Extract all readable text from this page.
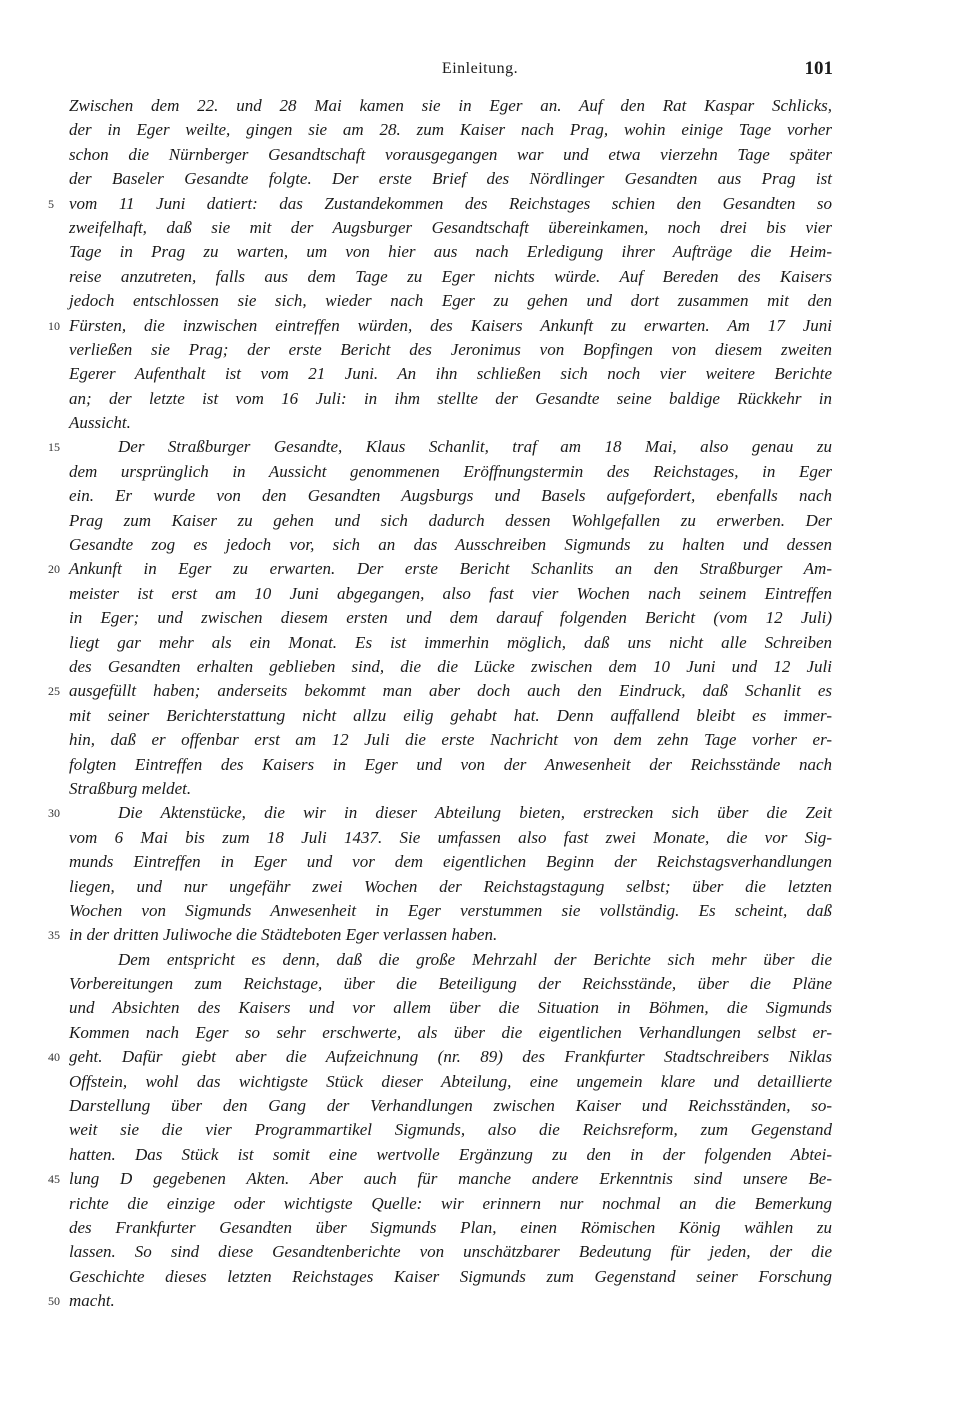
Einleitung.	101
Zwischen dem 22. und 28 Mai kamen sie in Eger an. Auf den Rat Kaspar Schlicks,
der in Eger weilte, gingen sie am 28. zum Kaiser nach Prag, wohin einige Tage vorher
schon die Nürnberger Gesandtschaft vorausgegangen war und etwa vierzehn Tage später
der Baseler Gesandte folgte. Der erste Brief des Nördlinger Gesandten aus Prag ist
5 vom 11 Juni datiert: das Zustandekommen des Reichstages schien den Gesandten so
zweifelhaft, daß sie mit der Augsburger Gesandtschaft übereinkamen, noch drei bis vier
Tage in Prag zu warten, um von hier aus nach Erledigung ihrer Aufträge die Heim-
reise anzutreten, falls aus dem Tage zu Eger nichts würde. Auf Bereden des Kaisers
jedoch entschlossen sie sich, wieder nach Eger zu gehen und dort zusammen mit den
10 Fürsten, die inzwischen eintreffen würden, des Kaisers Ankunft zu erwarten. Am 17 Juni
verließen sie Prag; der erste Bericht des Jeronimus von Bopfingen von diesem zweiten
Egerer Aufenthalt ist vom 21 Juni. An ihn schließen sich noch vier weitere Berichte
an; der letzte ist vom 16 Juli: in ihm stellte der Gesandte seine baldige Rückkehr in
Aussicht.
15	Der Straßburger Gesandte, Klaus Schanlit, traf am 18 Mai, also genau zu
dem ursprünglich in Aussicht genommenen Eröffnungstermin des Reichstages, in Eger
ein. Er wurde von den Gesandten Augsburgs und Basels aufgefordert, ebenfalls nach
Prag zum Kaiser zu gehen und sich dadurch dessen Wohlgefallen zu erwerben. Der
Gesandte zog es jedoch vor, sich an das Ausschreiben Sigmunds zu halten und dessen
20 Ankunft in Eger zu erwarten. Der erste Bericht Schanlits an den Straßburger Am-
meister ist erst am 10 Juni abgegangen, also fast vier Wochen nach seinem Eintreffen
in Eger; und zwischen diesem ersten und dem darauf folgenden Bericht (vom 12 Juli)
liegt gar mehr als ein Monat. Es ist immerhin möglich, daß uns nicht alle Schreiben
des Gesandten erhalten geblieben sind, die die Lücke zwischen dem 10 Juni und 12 Juli
25 ausgefüllt haben; anderseits bekommt man aber doch auch den Eindruck, daß Schanlit es
mit seiner Berichterstattung nicht allzu eilig gehabt hat. Denn auffallend bleibt es immer-
hin, daß er offenbar erst am 12 Juli die erste Nachricht von dem zehn Tage vorher er-
folgten Eintreffen des Kaisers in Eger und von der Anwesenheit der Reichsstände nach
Straßburg meldet.
30	Die Aktenstücke, die wir in dieser Abteilung bieten, erstrecken sich über die Zeit
vom 6 Mai bis zum 18 Juli 1437. Sie umfassen also fast zwei Monate, die vor Sig-
munds Eintreffen in Eger und vor dem eigentlichen Beginn der Reichstagsverhandlungen
liegen, und nur ungefähr zwei Wochen der Reichstagstagung selbst; über die letzten
Wochen von Sigmunds Anwesenheit in Eger verstummen sie vollständig. Es scheint, daß
35 in der dritten Juliwoche die Städteboten Eger verlassen haben.
Dem entspricht es denn, daß die große Mehrzahl der Berichte sich mehr über die
Vorbereitungen zum Reichstage, über die Beteiligung der Reichsstände, über die Pläne
und Absichten des Kaisers und vor allem über die Situation in Böhmen, die Sigmunds
Kommen nach Eger so sehr erschwerte, als über die eigentlichen Verhandlungen selbst er-
40 geht. Dafür giebt aber die Aufzeichnung (nr. 89) des Frankfurter Stadtschreibers Niklas
Offstein, wohl das wichtigste Stück dieser Abteilung, eine ungemein klare und detaillierte
Darstellung über den Gang der Verhandlungen zwischen Kaiser und Reichsständen, so-
weit sie die vier Programmartikel Sigmunds, also die Reichsreform, zum Gegenstand
hatten. Das Stück ist somit eine wertvolle Ergänzung zu den in der folgenden Abtei-
45 lung D gegebenen Akten. Aber auch für manche andere Erkenntnis sind unsere Be-
richte die einzige oder wichtigste Quelle: wir erinnern nur nochmal an die Bemerkung
des Frankfurter Gesandten über Sigmunds Plan, einen Römischen König wählen zu
lassen. So sind diese Gesandtenberichte von unschätzbarer Bedeutung für jeden, der die
Geschichte dieses letzten Reichstages Kaiser Sigmunds zum Gegenstand seiner Forschung
50 macht.
